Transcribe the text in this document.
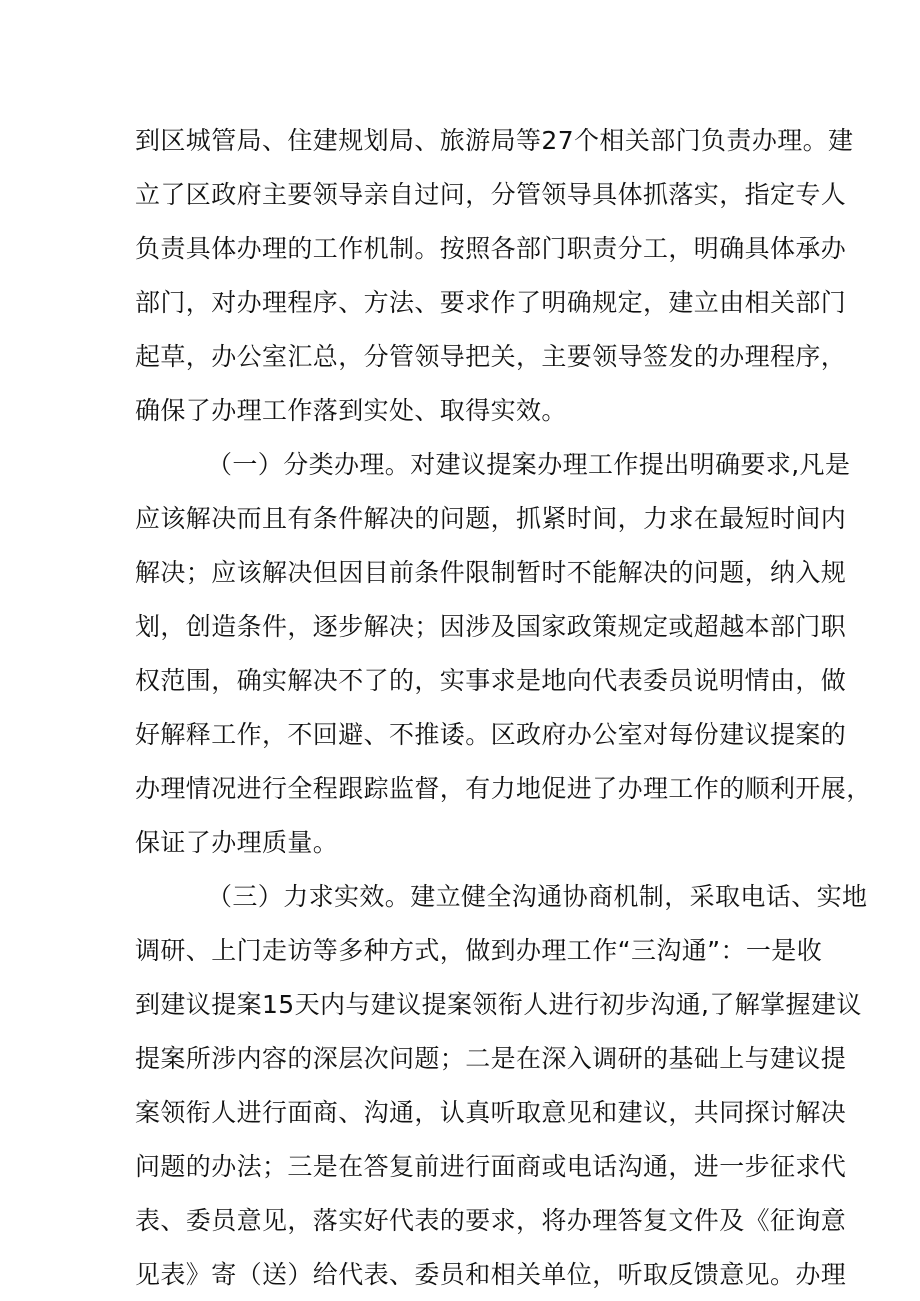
到区城管局、住建规划局、旅游局等27个相关部门负责办理。建
立了区政府主要领导亲自过问，分管领导具体抓落实，指定专人
负责具体办理的工作机制。按照各部门职责分工，明确具体承办
部门，对办理程序、方法、要求作了明确规定，建立由相关部门
起草，办公室汇总，分管领导把关，主要领导签发的办理程序，
确保了办理工作落到实处、取得实效。
（一）分类办理。对建议提案办理工作提出明确要求,凡是
应该解决而且有条件解决的问题，抓紧时间，力求在最短时间内
解决；应该解决但因目前条件限制暂时不能解决的问题，纳入规
划，创造条件，逐步解决；因涉及国家政策规定或超越本部门职
权范围，确实解决不了的，实事求是地向代表委员说明情由，做
好解释工作，不回避、不推诿。区政府办公室对每份建议提案的
办理情况进行全程跟踪监督，有力地促进了办理工作的顺利开展，
保证了办理质量。
（三）力求实效。建立健全沟通协商机制，采取电话、实地
调研、上门走访等多种方式，做到办理工作“三沟通”：一是收
到建议提案15天内与建议提案领衔人进行初步沟通,了解掌握建议
提案所涉内容的深层次问题；二是在深入调研的基础上与建议提
案领衔人进行面商、沟通，认真听取意见和建议，共同探讨解决
问题的办法；三是在答复前进行面商或电话沟通，进一步征求代
表、委员意见，落实好代表的要求，将办理答复文件及《征询意
见表》寄（送）给代表、委员和相关单位，听取反馈意见。办理
